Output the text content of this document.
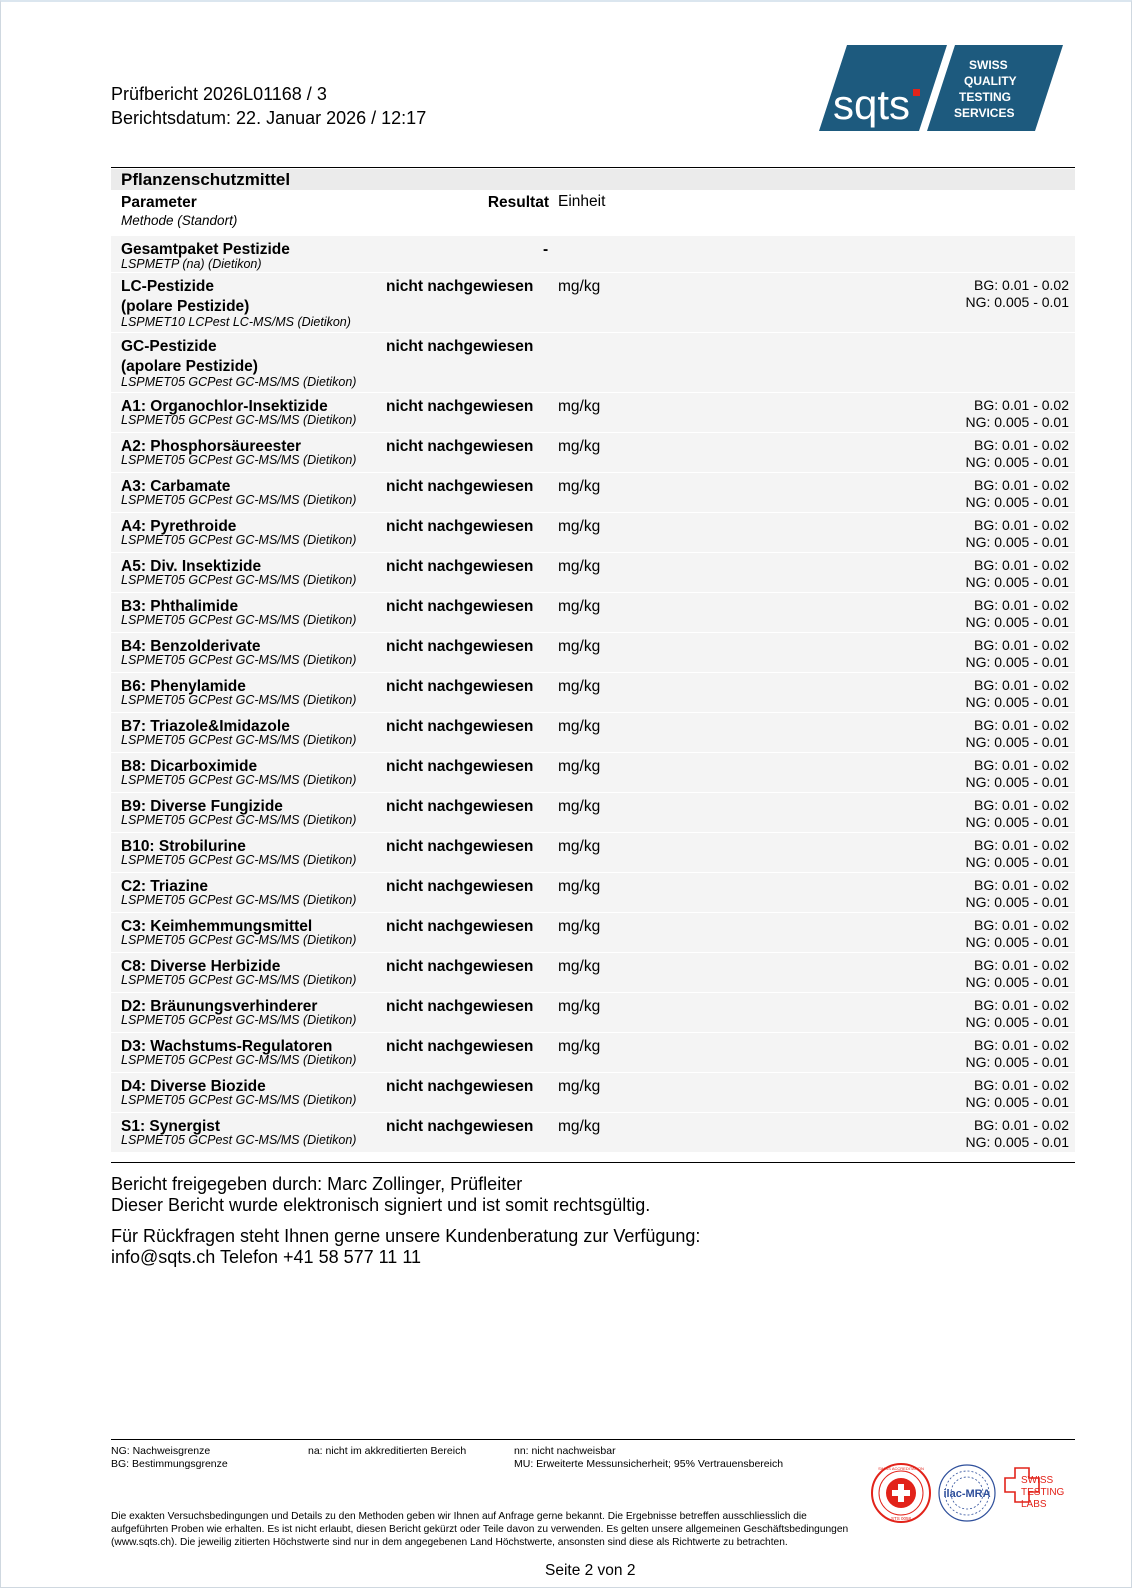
Prüfbericht 2026L01168 / 3
Berichtsdatum: 22. Januar 2026 / 12:17	sqts
SWISS
QUALITY
TESTING
SERVICES
Pflanzenschutzmittel
Parameter
Methode (Standort)
Resultat Einheit
Gesamtpaket Pestizide
LSPMETP (na) (Dietikon)
-
LC-Pestizide
(polare Pestizide)
LSPMET10 LCPest LC-MS/MS (Dietikon)
nicht nachgewiesen mg/kg	BG: 0.01 - 0.02
NG: 0.005 - 0.01
GC-Pestizide
(apolare Pestizide)
LSPMET05 GCPest GC-MS/MS (Dietikon)
nicht nachgewiesen
A1: Organochlor-Insektizide
LSPMET05 GCPest GC-MS/MS (Dietikon)
nicht nachgewiesen mg/kg	BG: 0.01 - 0.02
NG: 0.005 - 0.01
A2: Phosphorsäureester
LSPMET05 GCPest GC-MS/MS (Dietikon)
nicht nachgewiesen mg/kg	BG: 0.01 - 0.02
NG: 0.005 - 0.01
A3: Carbamate
LSPMET05 GCPest GC-MS/MS (Dietikon)
nicht nachgewiesen mg/kg	BG: 0.01 - 0.02
NG: 0.005 - 0.01
A4: Pyrethroide
LSPMET05 GCPest GC-MS/MS (Dietikon)
nicht nachgewiesen mg/kg	BG: 0.01 - 0.02
NG: 0.005 - 0.01
A5: Div. Insektizide
LSPMET05 GCPest GC-MS/MS (Dietikon)
nicht nachgewiesen mg/kg	BG: 0.01 - 0.02
NG: 0.005 - 0.01
B3: Phthalimide
LSPMET05 GCPest GC-MS/MS (Dietikon)
nicht nachgewiesen mg/kg	BG: 0.01 - 0.02
NG: 0.005 - 0.01
B4: Benzolderivate
LSPMET05 GCPest GC-MS/MS (Dietikon)
nicht nachgewiesen mg/kg	BG: 0.01 - 0.02
NG: 0.005 - 0.01
B6: Phenylamide
LSPMET05 GCPest GC-MS/MS (Dietikon)
nicht nachgewiesen mg/kg	BG: 0.01 - 0.02
NG: 0.005 - 0.01
B7: Triazole&Imidazole
LSPMET05 GCPest GC-MS/MS (Dietikon)
nicht nachgewiesen mg/kg	BG: 0.01 - 0.02
NG: 0.005 - 0.01
B8: Dicarboximide
LSPMET05 GCPest GC-MS/MS (Dietikon)
nicht nachgewiesen mg/kg	BG: 0.01 - 0.02
NG: 0.005 - 0.01
B9: Diverse Fungizide
LSPMET05 GCPest GC-MS/MS (Dietikon)
nicht nachgewiesen mg/kg	BG: 0.01 - 0.02
NG: 0.005 - 0.01
B10: Strobilurine
LSPMET05 GCPest GC-MS/MS (Dietikon)
nicht nachgewiesen mg/kg	BG: 0.01 - 0.02
NG: 0.005 - 0.01
C2: Triazine
LSPMET05 GCPest GC-MS/MS (Dietikon)
nicht nachgewiesen mg/kg	BG: 0.01 - 0.02
NG: 0.005 - 0.01
C3: Keimhemmungsmittel
LSPMET05 GCPest GC-MS/MS (Dietikon)
nicht nachgewiesen mg/kg	BG: 0.01 - 0.02
NG: 0.005 - 0.01
C8: Diverse Herbizide
LSPMET05 GCPest GC-MS/MS (Dietikon)
nicht nachgewiesen mg/kg	BG: 0.01 - 0.02
NG: 0.005 - 0.01
D2: Bräunungsverhinderer
LSPMET05 GCPest GC-MS/MS (Dietikon)
nicht nachgewiesen mg/kg	BG: 0.01 - 0.02
NG: 0.005 - 0.01
D3: Wachstums-Regulatoren
LSPMET05 GCPest GC-MS/MS (Dietikon)
nicht nachgewiesen mg/kg	BG: 0.01 - 0.02
NG: 0.005 - 0.01
D4: Diverse Biozide
LSPMET05 GCPest GC-MS/MS (Dietikon)
nicht nachgewiesen mg/kg	BG: 0.01 - 0.02
NG: 0.005 - 0.01
S1: Synergist
LSPMET05 GCPest GC-MS/MS (Dietikon)
nicht nachgewiesen mg/kg	BG: 0.01 - 0.02
NG: 0.005 - 0.01
Bericht freigegeben durch: Marc Zollinger, Prüfleiter
Dieser Bericht wurde elektronisch signiert und ist somit rechtsgültig.
Für Rückfragen steht Ihnen gerne unsere Kundenberatung zur Verfügung:
info@sqts.ch Telefon +41 58 577 11 11
NG: Nachweisgrenze
BG: Bestimmungsgrenze
na: nicht im akkreditierten Bereich	nn: nicht nachweisbar
MU: Erweiterte Messunsicherheit; 95% Vertrauensbereich
Die exakten Versuchsbedingungen und Details zu den Methoden geben wir Ihnen auf Anfrage gerne bekannt. Die Ergebnisse betreffen ausschliesslich die aufgeführten Proben wie erhalten. Es ist nicht erlaubt, diesen Bericht gekürzt oder Teile davon zu verwenden. Es gelten unsere allgemeinen Geschäftsbedingungen (www.sqts.ch). Die jeweilig zitierten Höchstwerte sind nur in dem angegebenen Land Höchstwerte, ansonsten sind diese als Richtwerte zu betrachten.
Seite 2 von 2
SWISS ACCREDITATION
STS 0058
ilac-MRA
SWISS
TESTING
LABS
